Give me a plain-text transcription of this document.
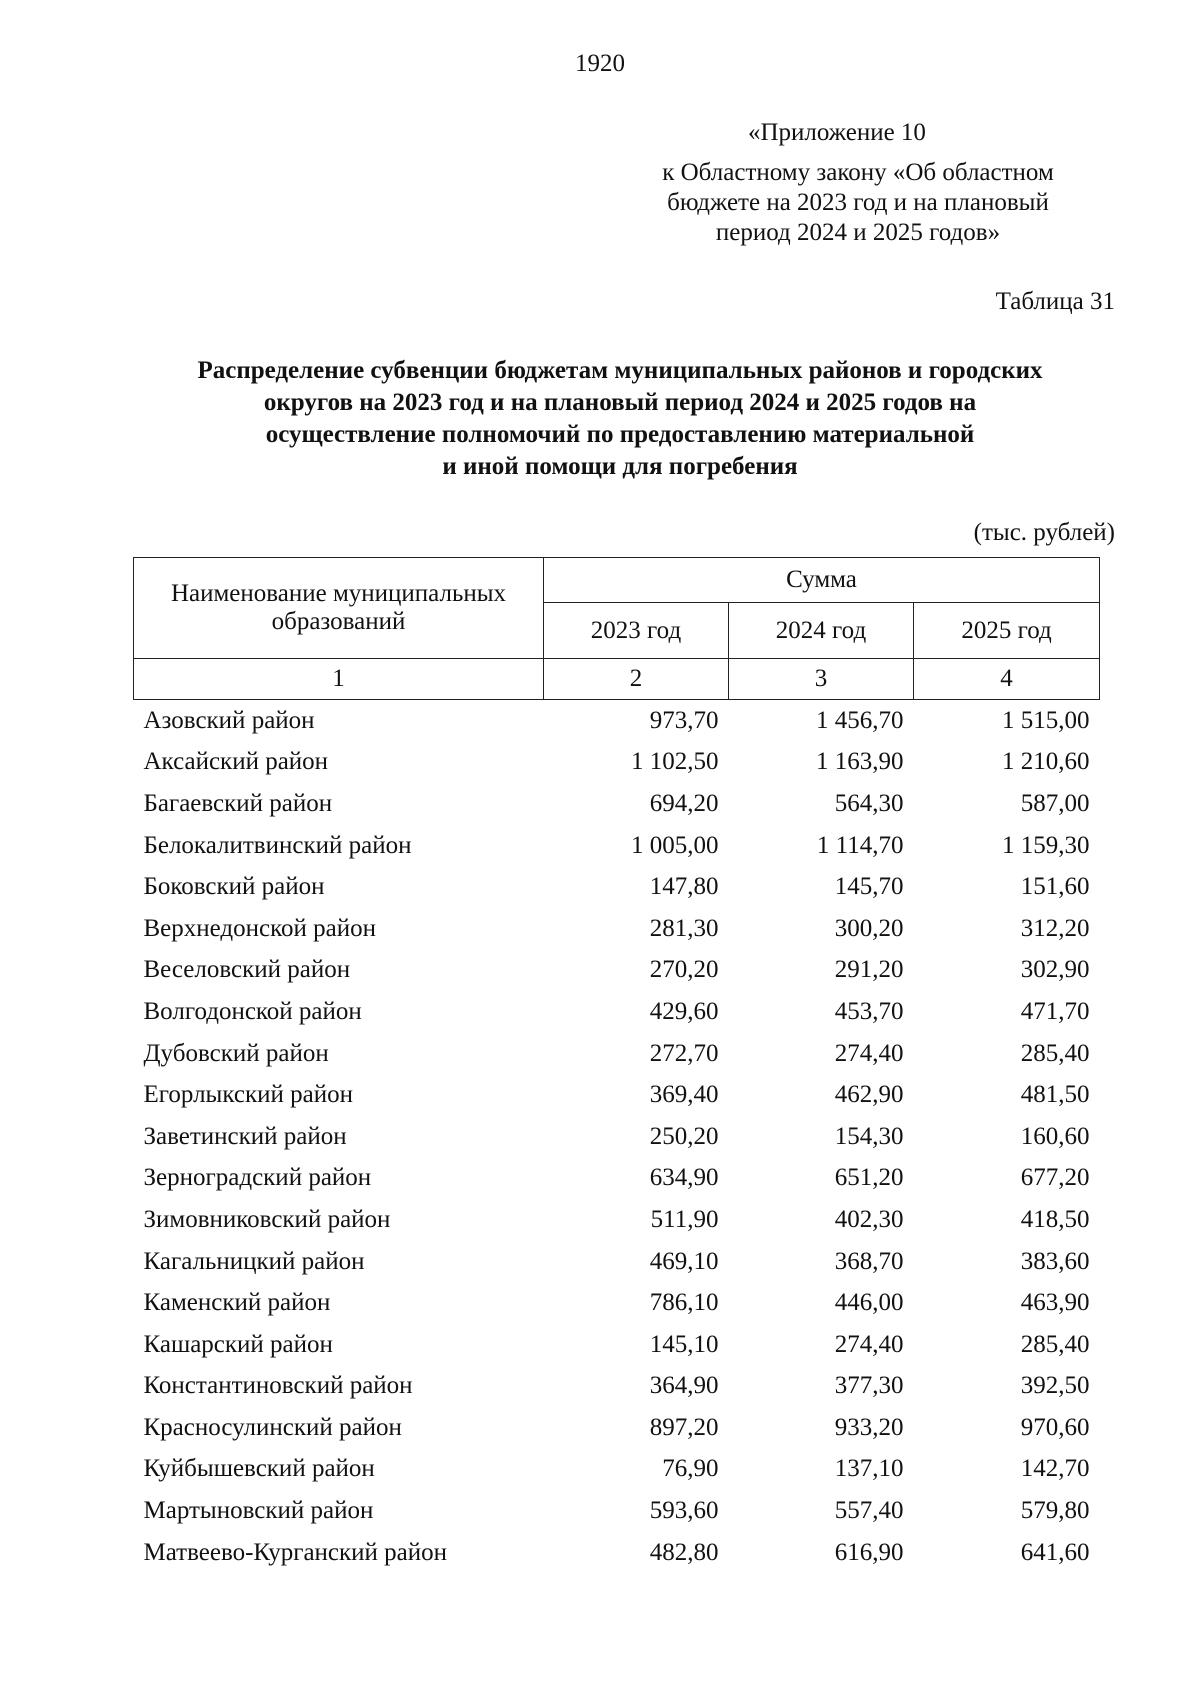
1920
«Приложение 10
к Областному закону «Об областном
бюджете на 2023 год и на плановый
период 2024 и 2025 годов»
Таблица 31
Распределение субвенции бюджетам муниципальных районов и городских
округов на 2023 год и на плановый период 2024 и 2025 годов на
осуществление полномочий по предоставлению материальной
и иной помощи для погребения
(тыс. рублей)
Наименование муниципальных образований	Сумма		
	2023 год	2024 год	2025 год
1	2	3	4
Азовский район	973,70	1 456,70	1 515,00
Аксайский район	1 102,50	1 163,90	1 210,60
Багаевский район	694,20	564,30	587,00
Белокалитвинский район	1 005,00	1 114,70	1 159,30
Боковский район	147,80	145,70	151,60
Верхнедонской район	281,30	300,20	312,20
Веселовский район	270,20	291,20	302,90
Волгодонской район	429,60	453,70	471,70
Дубовский район	272,70	274,40	285,40
Егорлыкский район	369,40	462,90	481,50
Заветинский район	250,20	154,30	160,60
Зерноградский район	634,90	651,20	677,20
Зимовниковский район	511,90	402,30	418,50
Кагальницкий район	469,10	368,70	383,60
Каменский район	786,10	446,00	463,90
Кашарский район	145,10	274,40	285,40
Константиновский район	364,90	377,30	392,50
Красносулинский район	897,20	933,20	970,60
Куйбышевский район	76,90	137,10	142,70
Мартыновский район	593,60	557,40	579,80
Матвеево-Курганский район	482,80	616,90	641,60
